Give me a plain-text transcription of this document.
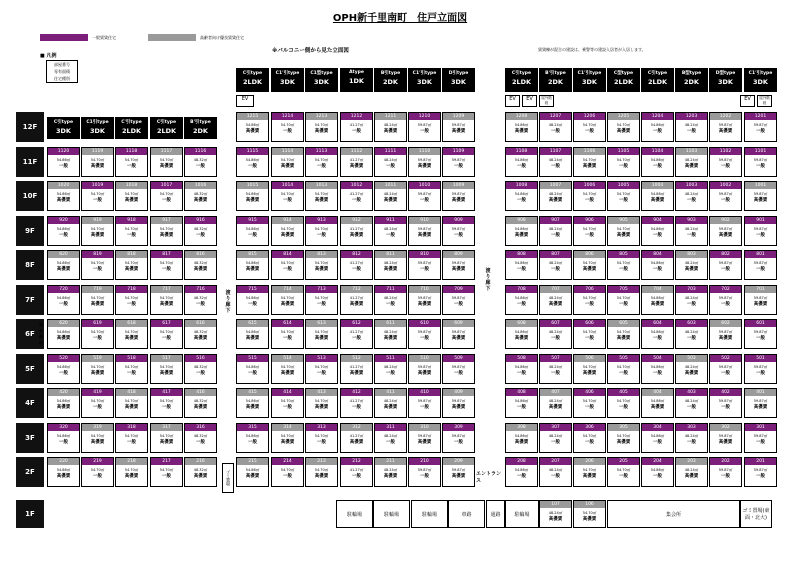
OPH新千里南町　住戸立面図
一般賃貸住宅	高齢者向け優良賃貸住宅
■ 凡例
部屋番号
専有面積
住宅種別
※バルコニー側から見た立面図	賃貸棟が混合の建設は、乗警等の建設入居者が入居します。
C引type
2LDK
C1'引type
3DK
C1型type
3DK
Atype
1DK
B引type
2DK
C1'引type
3DK
D引type
3DK
C引type
2LDK
B'引type
2DK
C1'引type
3DK
C型type
2LDK
C引type
2LDK
B型type
2DK
D型type
3DK
C1'引type
3DK
C引type
3DK
C1引type
3DK
C'引type
2LDK
C引type
2LDK
B'引type
2DK
EV	EV	EV	屋外階段
EV	屋外階段
12F
1215
54.86㎡
高優賃
1214
54.70㎡
一般
1213
54.70㎡
高優賃
1212
41.27㎡
一般
1211
48.24㎡
高優賃
1210
59.87㎡
一般
1209
59.87㎡
高優賃
1208
54.86㎡
高優賃
1207
48.24㎡
一般
1206
54.70㎡
一般
1205
54.70㎡
高優賃
1204
54.86㎡
一般
1203
48.24㎡
一般
1202
59.87㎡
高優賃
1201
59.87㎡
一般
11F
1120
54.86㎡
一般
1119
54.70㎡
高優賃
1118
54.70㎡
一般
1117
54.70㎡
高優賃
1116
48.32㎡
一般
1115
54.86㎡
一般
1114
54.70㎡
高優賃
1113
54.70㎡
一般
1112
41.27㎡
高優賃
1111
48.24㎡
一般
1110
59.87㎡
高優賃
1109
59.87㎡
一般
1108
54.86㎡
一般
1107
48.24㎡
一般
1106
54.70㎡
高優賃
1105
54.70㎡
一般
1104
54.86㎡
一般
1103
48.24㎡
高優賃
1102
59.87㎡
一般
1101
59.87㎡
一般
10F
1020
54.86㎡
高優賃
1019
54.70㎡
一般
1018
54.70㎡
高優賃
1017
54.70㎡
一般
1016
48.32㎡
高優賃
1015
54.86㎡
高優賃
1014
54.70㎡
一般
1013
54.70㎡
高優賃
1012
41.27㎡
一般
1011
48.24㎡
高優賃
1010
59.87㎡
一般
1009
59.87㎡
高優賃
1008
54.86㎡
一般
1007
48.24㎡
高優賃
1006
54.70㎡
一般
1005
54.70㎡
一般
1004
54.86㎡
高優賃
1003
48.24㎡
一般
1002
59.87㎡
一般
1001
59.87㎡
高優賃
9F
920
54.86㎡
一般
919
54.70㎡
高優賃
918
54.70㎡
一般
917
54.70㎡
高優賃
916
48.32㎡
一般
915
54.86㎡
一般
914
54.70㎡
高優賃
913
54.70㎡
一般
912
41.27㎡
高優賃
911
48.24㎡
一般
910
59.87㎡
高優賃
909
59.87㎡
一般
908
54.86㎡
高優賃
907
48.24㎡
一般
906
54.70㎡
一般
905
54.70㎡
高優賃
904
54.86㎡
一般
903
48.24㎡
一般
902
59.87㎡
高優賃
901
59.87㎡
一般
8F
820
54.86㎡
高優賃
819
54.70㎡
一般
818
54.70㎡
高優賃
817
54.70㎡
一般
816
48.32㎡
高優賃
815
54.86㎡
高優賃
814
54.70㎡
一般
813
54.70㎡
高優賃
812
41.27㎡
一般
811
48.24㎡
高優賃
810
59.87㎡
一般
809
59.87㎡
高優賃
808
54.86㎡
一般
807
48.24㎡
一般
806
54.70㎡
高優賃
805
54.70㎡
一般
804
54.86㎡
一般
803
48.24㎡
高優賃
802
59.87㎡
一般
801
59.87㎡
一般
7F
720
54.86㎡
一般
719
54.70㎡
高優賃
718
54.70㎡
一般
717
54.70㎡
高優賃
716
48.32㎡
一般
715
54.86㎡
一般
714
54.70㎡
高優賃
713
54.70㎡
一般
712
41.27㎡
高優賃
711
48.24㎡
一般
710
59.87㎡
高優賃
709
59.87㎡
一般
708
54.86㎡
一般
707
48.24㎡
高優賃
706
54.70㎡
一般
705
54.70㎡
一般
704
54.86㎡
高優賃
703
48.24㎡
一般
702
59.87㎡
一般
701
59.87㎡
高優賃
6F
620
54.86㎡
高優賃
619
54.70㎡
一般
618
54.70㎡
高優賃
617
54.70㎡
一般
616
48.32㎡
高優賃
615
54.86㎡
高優賃
614
54.70㎡
一般
613
54.70㎡
高優賃
612
41.27㎡
一般
611
48.24㎡
高優賃
610
59.87㎡
一般
609
59.87㎡
高優賃
608
54.86㎡
高優賃
607
48.24㎡
一般
606
54.70㎡
一般
605
54.70㎡
高優賃
604
54.86㎡
一般
603
48.24㎡
一般
602
59.87㎡
高優賃
601
59.87㎡
一般
5F
520
54.86㎡
一般
519
54.70㎡
高優賃
518
54.70㎡
一般
517
54.70㎡
高優賃
516
48.32㎡
一般
515
54.86㎡
一般
514
54.70㎡
高優賃
513
54.70㎡
一般
512
41.27㎡
高優賃
511
48.24㎡
一般
510
59.87㎡
高優賃
509
59.87㎡
一般
508
54.86㎡
一般
507
48.24㎡
一般
506
54.70㎡
高優賃
505
54.70㎡
一般
504
54.86㎡
一般
503
48.24㎡
高優賃
502
59.87㎡
一般
501
59.87㎡
一般
4F
420
54.86㎡
高優賃
419
54.70㎡
一般
418
54.70㎡
高優賃
417
54.70㎡
一般
416
48.32㎡
高優賃
415
54.86㎡
高優賃
414
54.70㎡
一般
413
54.70㎡
高優賃
412
41.27㎡
一般
411
48.24㎡
高優賃
410
59.87㎡
一般
409
59.87㎡
高優賃
408
54.86㎡
一般
407
48.24㎡
高優賃
406
54.70㎡
一般
405
54.70㎡
一般
404
54.86㎡
高優賃
403
48.24㎡
一般
402
59.87㎡
一般
401
59.87㎡
高優賃
3F
320
54.86㎡
一般
319
54.70㎡
高優賃
318
54.70㎡
一般
317
54.70㎡
高優賃
316
48.32㎡
一般
315
54.86㎡
一般
314
54.70㎡
高優賃
313
54.70㎡
一般
312
41.27㎡
高優賃
311
48.24㎡
一般
310
59.87㎡
高優賃
309
59.87㎡
一般
308
54.86㎡
高優賃
307
48.24㎡
一般
306
54.70㎡
一般
305
54.70㎡
高優賃
304
54.86㎡
一般
303
48.24㎡
一般
302
59.87㎡
高優賃
301
59.87㎡
一般
2F
220
54.86㎡
高優賃
219
54.70㎡
一般
218
54.70㎡
高優賃
217
54.70㎡
一般
216
48.32㎡
高優賃
215
54.86㎡
高優賃
214
54.70㎡
一般
213
54.70㎡
高優賃
212
41.27㎡
一般
211
48.24㎡
高優賃
210
59.87㎡
一般
209
59.87㎡
高優賃
208
54.86㎡
一般
207
48.24㎡
一般
206
54.70㎡
高優賃
205
54.70㎡
一般
204
54.86㎡
一般
203
48.24㎡
高優賃
202
59.87㎡
一般
201
59.87㎡
一般
渡
り
廊
下
渡
り
廊
下
屋
外
階
段
ゴミ置場	エントランス
1F	駐輪場	駐輪場	駐輪場	車路	通路	駐輪場
ゴミ置場(東面・北大)
集会所
107
48.24㎡
高優賃
106
54.70㎡
高優賃
